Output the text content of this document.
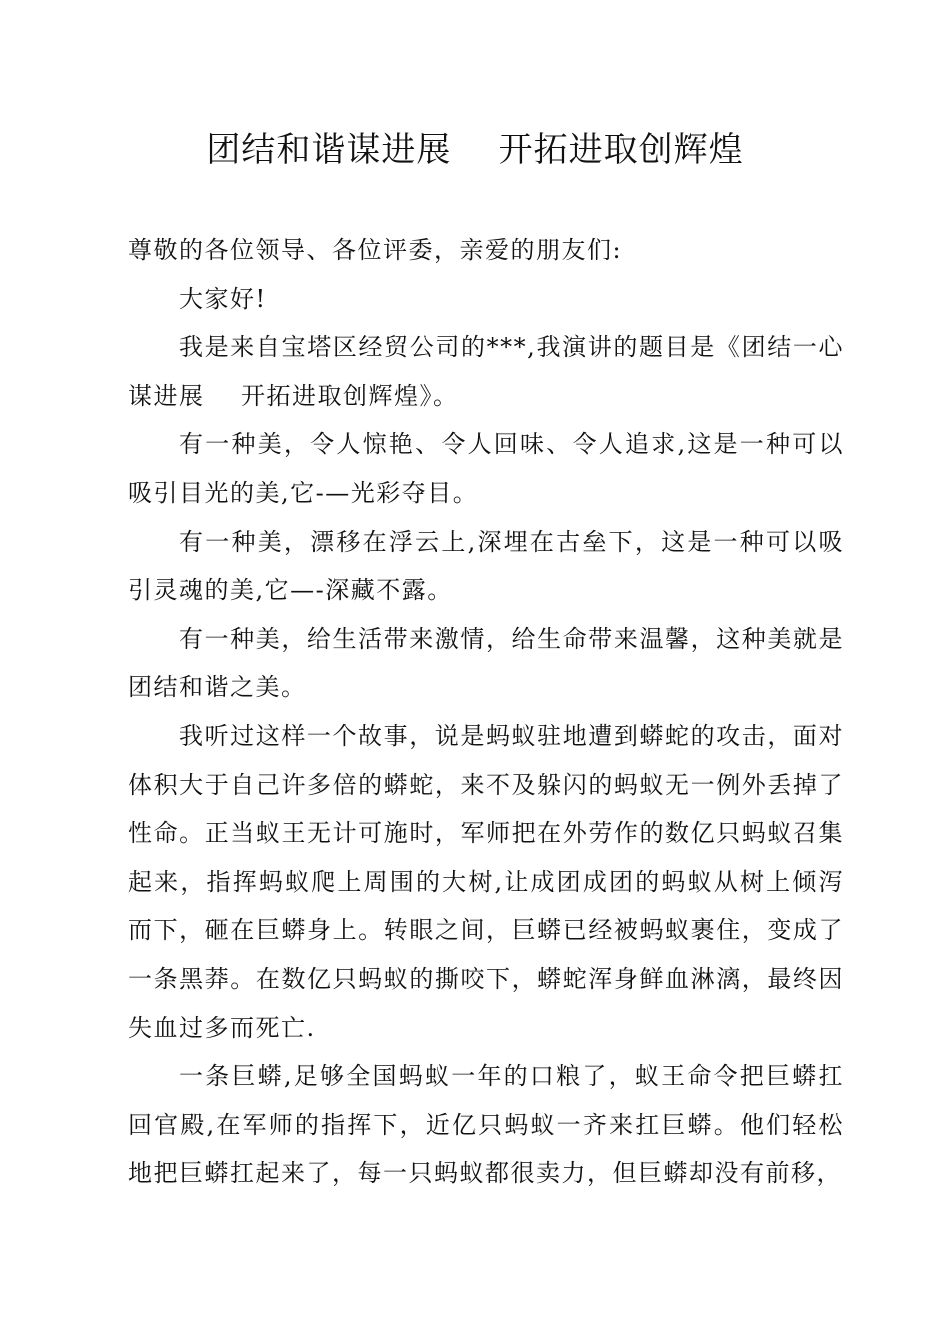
团结和谐谋进展    开拓进取创辉煌

尊敬的各位领导、各位评委，亲爱的朋友们:

大家好!

我是来自宝塔区经贸公司的***,我演讲的题目是《团结一心谋进展    开拓进取创辉煌》。

有一种美，令人惊艳、令人回味、令人追求,这是一种可以吸引目光的美,它-—光彩夺目。

有一种美，漂移在浮云上,深埋在古垒下，这是一种可以吸引灵魂的美,它—-深藏不露。

有一种美，给生活带来激情，给生命带来温馨，这种美就是团结和谐之美。

我听过这样一个故事，说是蚂蚁驻地遭到蟒蛇的攻击，面对体积大于自己许多倍的蟒蛇，来不及躲闪的蚂蚁无一例外丢掉了性命。正当蚁王无计可施时，军师把在外劳作的数亿只蚂蚁召集起来，指挥蚂蚁爬上周围的大树,让成团成团的蚂蚁从树上倾泻而下，砸在巨蟒身上。转眼之间，巨蟒已经被蚂蚁裹住，变成了一条黑莽。在数亿只蚂蚁的撕咬下，蟒蛇浑身鲜血淋漓，最终因失血过多而死亡.

一条巨蟒,足够全国蚂蚁一年的口粮了，蚁王命令把巨蟒扛回官殿,在军师的指挥下，近亿只蚂蚁一齐来扛巨蟒。他们轻松地把巨蟒扛起来了，每一只蚂蚁都很卖力，但巨蟒却没有前移，
